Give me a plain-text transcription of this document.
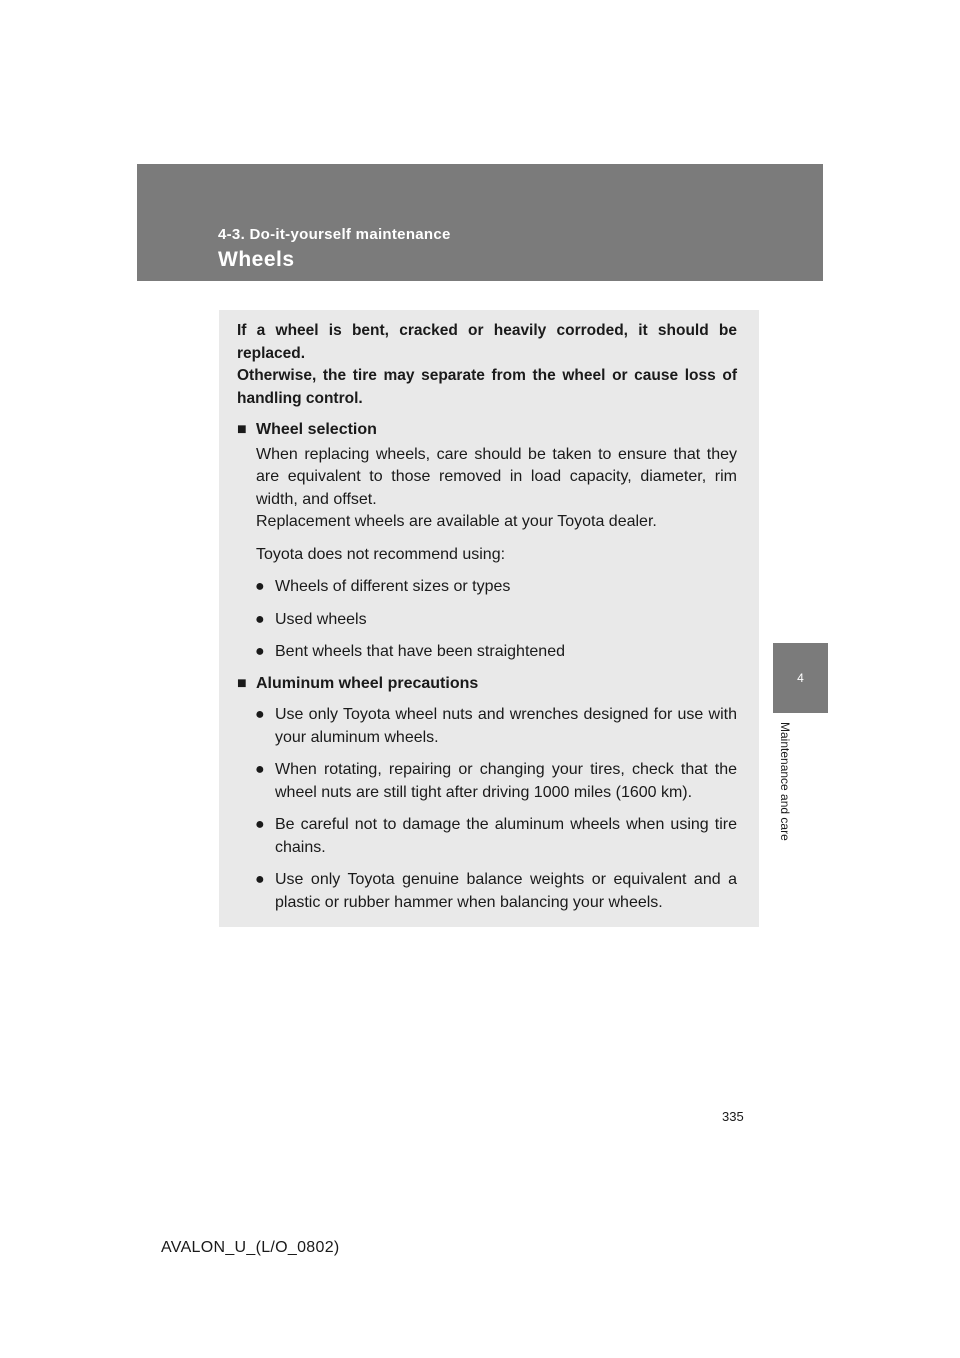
4-3. Do-it-yourself maintenance

Wheels

4

Maintenance and care

If a wheel is bent, cracked or heavily corroded, it should be replaced.
Otherwise, the tire may separate from the wheel or cause loss of handling control.

■ Wheel selection

When replacing wheels, care should be taken to ensure that they are equivalent to those removed in load capacity, diameter, rim width, and offset.

Replacement wheels are available at your Toyota dealer.

Toyota does not recommend using:

● Wheels of different sizes or types
● Used wheels
● Bent wheels that have been straightened
■ Aluminum wheel precautions
● Use only Toyota wheel nuts and wrenches designed for use with your aluminum wheels.
● When rotating, repairing or changing your tires, check that the wheel nuts are still tight after driving 1000 miles (1600 km).
● Be careful not to damage the aluminum wheels when using tire chains.
● Use only Toyota genuine balance weights or equivalent and a plastic or rubber hammer when balancing your wheels.

335

AVALON_U_(L/O_0802)
